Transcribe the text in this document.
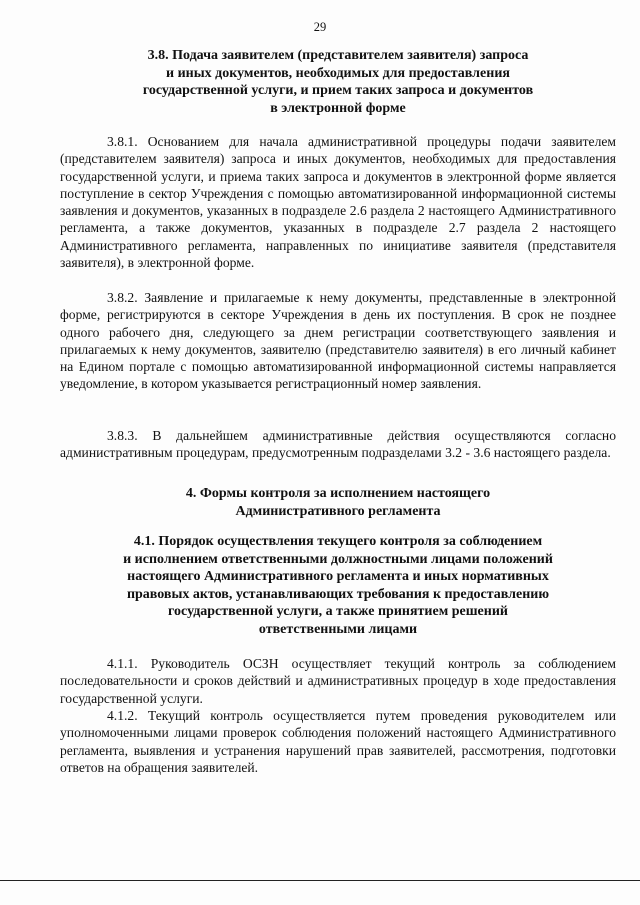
29
3.8. Подача заявителем (представителем заявителя) запроса
и иных документов, необходимых для предоставления
государственной услуги, и прием таких запроса и документов
в электронной форме

3.8.1. Основанием для начала административной процедуры подачи заявителем (представителем заявителя) запроса и иных документов, необходимых для предоставления государственной услуги, и приема таких запроса и документов в электронной форме является поступление в сектор Учреждения с помощью автоматизированной информационной системы заявления и документов, указанных в подразделе 2.6 раздела 2 настоящего Административного регламента, а также документов, указанных в подразделе 2.7 раздела 2 настоящего Административного регламента, направленных по инициативе заявителя (представителя заявителя), в электронной форме.

3.8.2. Заявление и прилагаемые к нему документы, представленные в электронной форме, регистрируются в секторе Учреждения в день их поступления. В срок не позднее одного рабочего дня, следующего за днем регистрации соответствующего заявления и прилагаемых к нему документов, заявителю (представителю заявителя) в его личный кабинет на Едином портале с помощью автоматизированной информационной системы направляется уведомление, в котором указывается регистрационный номер заявления.

3.8.3. В дальнейшем административные действия осуществляются согласно административным процедурам, предусмотренным подразделами 3.2 - 3.6 настоящего раздела.

4. Формы контроля за исполнением настоящего
Административного регламента
4.1. Порядок осуществления текущего контроля за соблюдением
и исполнением ответственными должностными лицами положений
настоящего Административного регламента и иных нормативных
правовых актов, устанавливающих требования к предоставлению
государственной услуги, а также принятием решений
ответственными лицами

4.1.1. Руководитель ОСЗН осуществляет текущий контроль за соблюдением последовательности и сроков действий и административных процедур в ходе предоставления государственной услуги.

4.1.2. Текущий контроль осуществляется путем проведения руководителем или уполномоченными лицами проверок соблюдения положений настоящего Административного регламента, выявления и устранения нарушений прав заявителей, рассмотрения, подготовки ответов на обращения заявителей.
